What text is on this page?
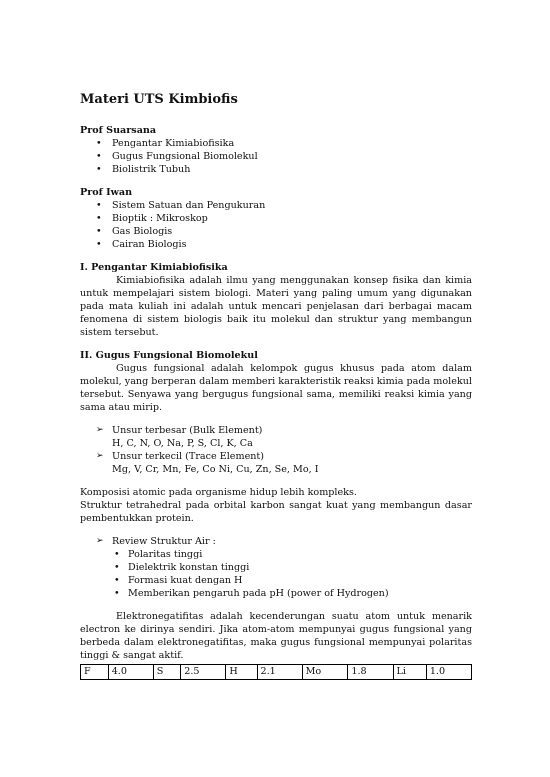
Materi UTS Kimbiofis
Prof Suarsana
• Pengantar Kimiabiofisika
• Gugus Fungsional Biomolekul
• Biolistrik Tubuh
Prof Iwan
• Sistem Satuan dan Pengukuran
• Bioptik : Mikroskop
• Gas Biologis
• Cairan Biologis
I. Pengantar Kimiabiofisika

Kimiabiofisika adalah ilmu yang menggunakan konsep fisika dan kimia untuk mempelajari sistem biologi. Materi yang paling umum yang digunakan pada mata kuliah ini adalah untuk mencari penjelasan dari berbagai macam fenomena di sistem biologis baik itu molekul dan struktur yang membangun sistem tersebut.

II. Gugus Fungsional Biomolekul

Gugus fungsional adalah kelompok gugus khusus pada atom dalam molekul, yang berperan dalam memberi karakteristik reaksi kimia pada molekul tersebut. Senyawa yang bergugus fungsional sama, memiliki reaksi kimia yang sama atau mirip.

➢ Unsur terbesar (Bulk Element)
H, C, N, O, Na, P, S, Cl, K, Ca
➢ Unsur terkecil (Trace Element)
Mg, V, Cr, Mn, Fe, Co Ni, Cu, Zn, Se, Mo, I

Komposisi atomic pada organisme hidup lebih kompleks.

Struktur tetrahedral pada orbital karbon sangat kuat yang membangun dasar pembentukkan protein.

➢ Review Struktur Air :
• Polaritas tinggi
• Dielektrik konstan tinggi
• Formasi kuat dengan H
• Memberikan pengaruh pada pH (power of Hydrogen)

Elektronegatifitas adalah kecenderungan suatu atom untuk menarik electron ke dirinya sendiri. Jika atom-atom mempunyai gugus fungsional yang berbeda dalam elektronegatifitas, maka gugus fungsional mempunyai polaritas tinggi & sangat aktif.

F	4.0	S	2.5	H	2.1	Mo	1.8	Li	1.0
